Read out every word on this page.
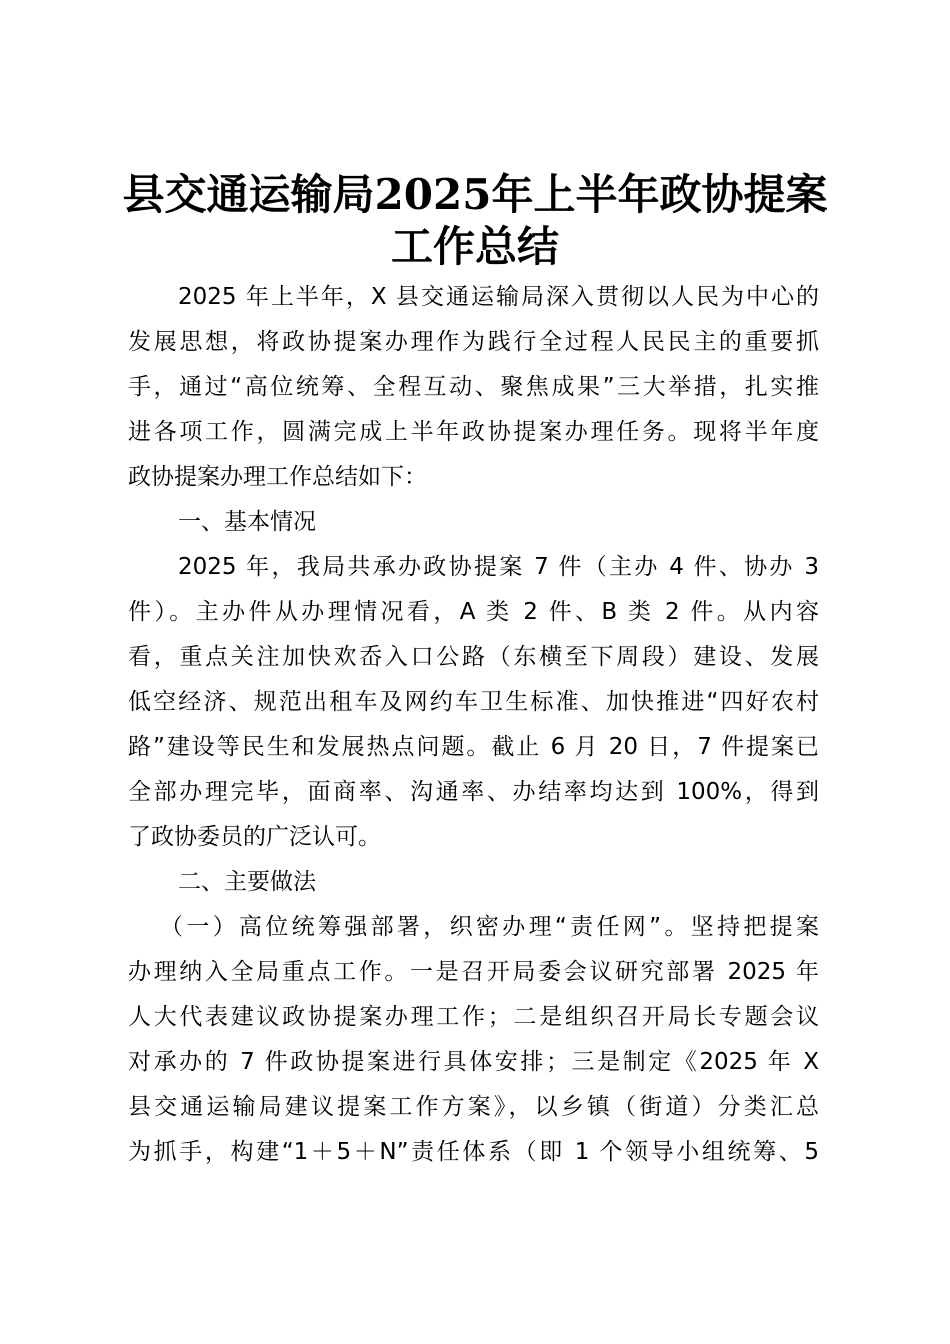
县交通运输局2025年上半年政协提案
工作总结
2025 年上半年，X 县交通运输局深入贯彻以人民为中心的
发展思想，将政协提案办理作为践行全过程人民民主的重要抓
手，通过“高位统筹、全程互动、聚焦成果”三大举措，扎实推
进各项工作，圆满完成上半年政协提案办理任务。现将半年度
政协提案办理工作总结如下：
一、基本情况
2025 年，我局共承办政协提案 7 件（主办 4 件、协办 3
件）。主办件从办理情况看，A 类 2 件、B 类 2 件。从内容
看，重点关注加快欢岙入口公路（东横至下周段）建设、发展
低空经济、规范出租车及网约车卫生标准、加快推进“四好农村
路”建设等民生和发展热点问题。截止 6 月 20 日，7 件提案已
全部办理完毕，面商率、沟通率、办结率均达到 100%，得到
了政协委员的广泛认可。
二、主要做法
（一）高位统筹强部署，织密办理“责任网”。坚持把提案
办理纳入全局重点工作。一是召开局委会议研究部署 2025 年
人大代表建议政协提案办理工作；二是组织召开局长专题会议
对承办的 7 件政协提案进行具体安排；三是制定《2025 年 X
县交通运输局建议提案工作方案》，以乡镇（街道）分类汇总
为抓手，构建“1＋5＋N”责任体系（即 1 个领导小组统筹、5
